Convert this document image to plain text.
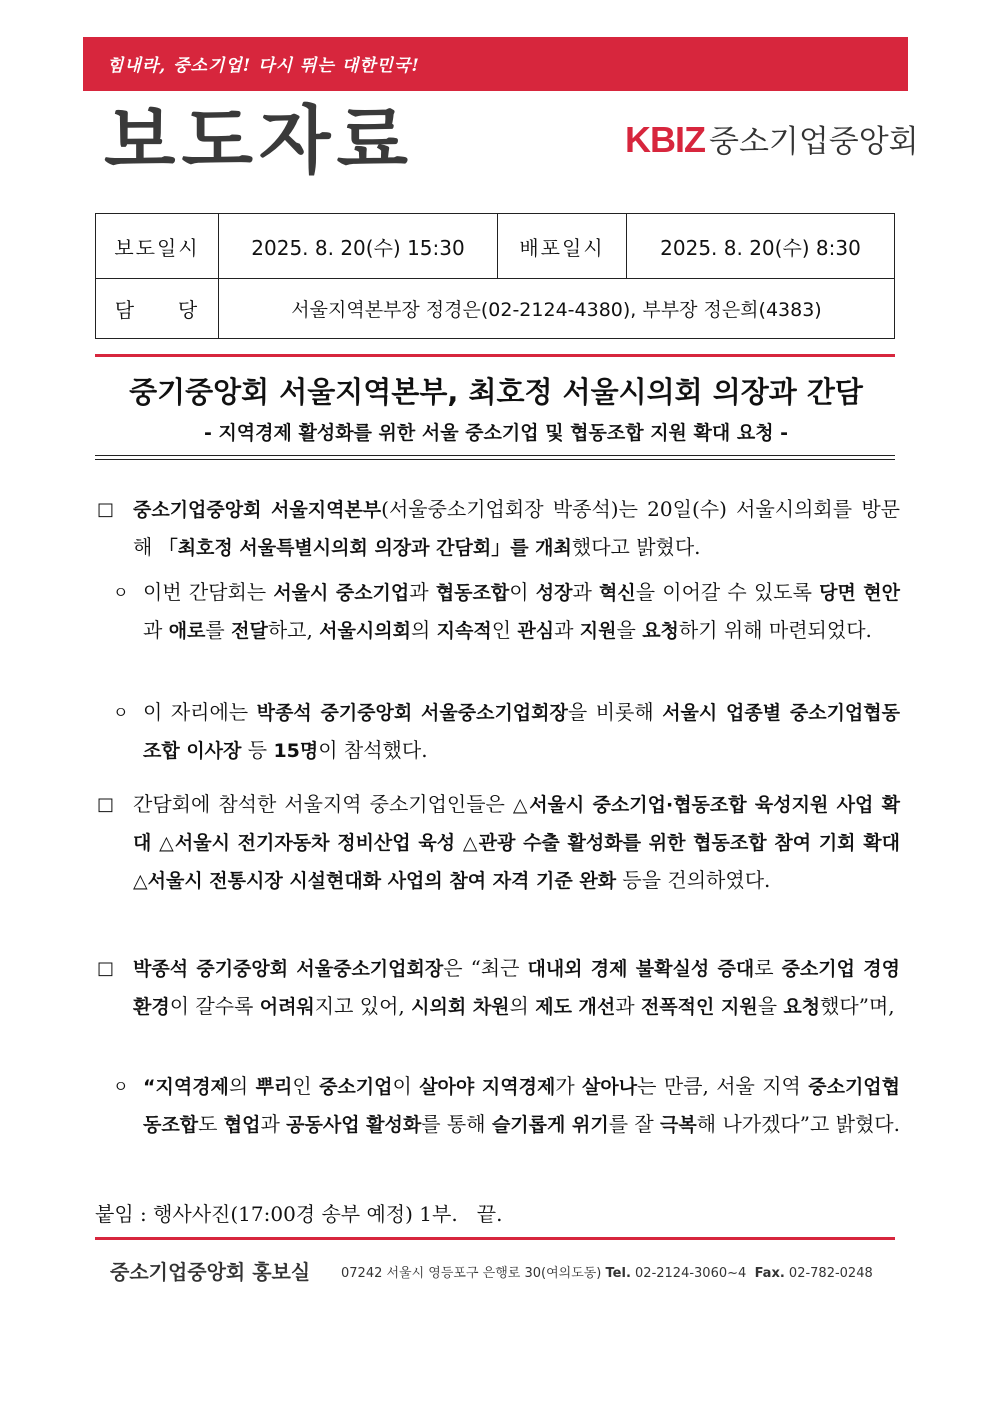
힘내라, 중소기업! 다시 뛰는 대한민국!
보도자료	KBIZ 중소기업중앙회
보도일시	2025. 8. 20(수) 15:30	배포일시	2025. 8. 20(수) 8:30
담     당	서울지역본부장 정경은(02-2124-4380), 부부장 정은희(4383)		
중기중앙회 서울지역본부, 최호정 서울시의회 의장과 간담
- 지역경제 활성화를 위한 서울 중소기업 및 협동조합 지원 확대 요청 -
□ 중소기업중앙회 서울지역본부(서울중소기업회장 박종석)는 20일(수) 서울시의회를 방문해 「최호정 서울특별시의회 의장과 간담회」를 개최했다고 밝혔다.
ㅇ 이번 간담회는 서울시 중소기업과 협동조합이 성장과 혁신을 이어갈 수 있도록 당면 현안과 애로를 전달하고, 서울시의회의 지속적인 관심과 지원을 요청하기 위해 마련되었다.
ㅇ 이 자리에는 박종석 중기중앙회 서울중소기업회장을 비롯해 서울시 업종별 중소기업협동조합 이사장 등 15명이 참석했다.
□ 간담회에 참석한 서울지역 중소기업인들은 △서울시 중소기업·협동조합 육성지원 사업 확대 △서울시 전기자동차 정비산업 육성 △관광 수출 활성화를 위한 협동조합 참여 기회 확대 △서울시 전통시장 시설현대화 사업의 참여 자격 기준 완화 등을 건의하였다.
□ 박종석 중기중앙회 서울중소기업회장은 “최근 대내외 경제 불확실성 증대로 중소기업 경영환경이 갈수록 어려워지고 있어, 시의회 차원의 제도 개선과 전폭적인 지원을 요청했다”며,
ㅇ “지역경제의 뿌리인 중소기업이 살아야 지역경제가 살아나는 만큼, 서울 지역 중소기업협동조합도 협업과 공동사업 활성화를 통해 슬기롭게 위기를 잘 극복해 나가겠다”고 밝혔다.
붙임 : 행사사진(17:00경 송부 예정) 1부.   끝.
중소기업중앙회 홍보실 07242 서울시 영등포구 은행로 30(여의도동) Tel. 02-2124-3060~4 Fax. 02-782-0248
